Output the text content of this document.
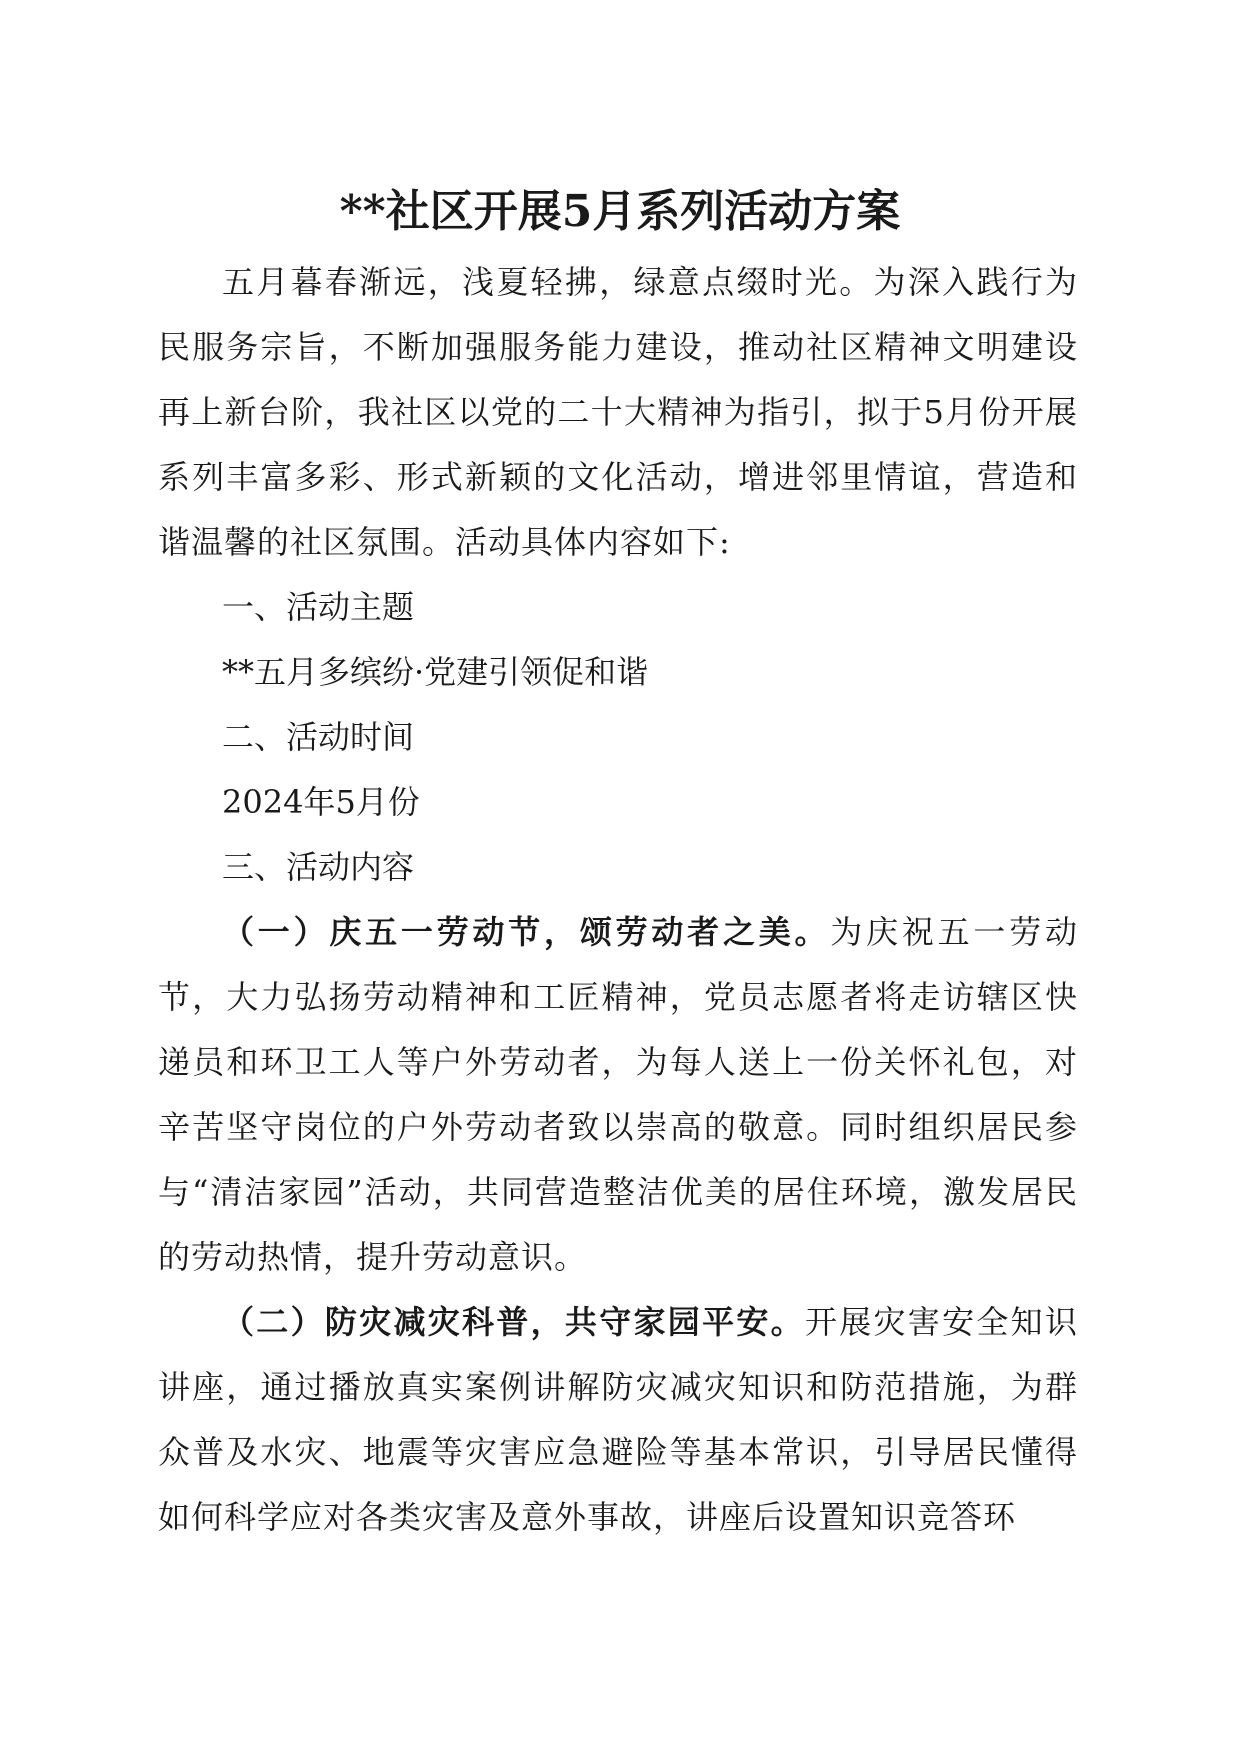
**社区开展5月系列活动方案

五月暮春渐远，浅夏轻拂，绿意点缀时光。为深入践行为民服务宗旨，不断加强服务能力建设，推动社区精神文明建设再上新台阶，我社区以党的二十大精神为指引，拟于5月份开展系列丰富多彩、形式新颖的文化活动，增进邻里情谊，营造和谐温馨的社区氛围。活动具体内容如下:

一、活动主题

**五月多缤纷·党建引领促和谐

二、活动时间

2024年5月份

三、活动内容

（一）庆五一劳动节，颂劳动者之美。为庆祝五一劳动节，大力弘扬劳动精神和工匠精神，党员志愿者将走访辖区快递员和环卫工人等户外劳动者，为每人送上一份关怀礼包，对辛苦坚守岗位的户外劳动者致以崇高的敬意。同时组织居民参与“清洁家园”活动，共同营造整洁优美的居住环境，激发居民的劳动热情，提升劳动意识。

（二）防灾减灾科普，共守家园平安。开展灾害安全知识讲座，通过播放真实案例讲解防灾减灾知识和防范措施，为群众普及水灾、地震等灾害应急避险等基本常识，引导居民懂得如何科学应对各类灾害及意外事故，讲座后设置知识竞答环
